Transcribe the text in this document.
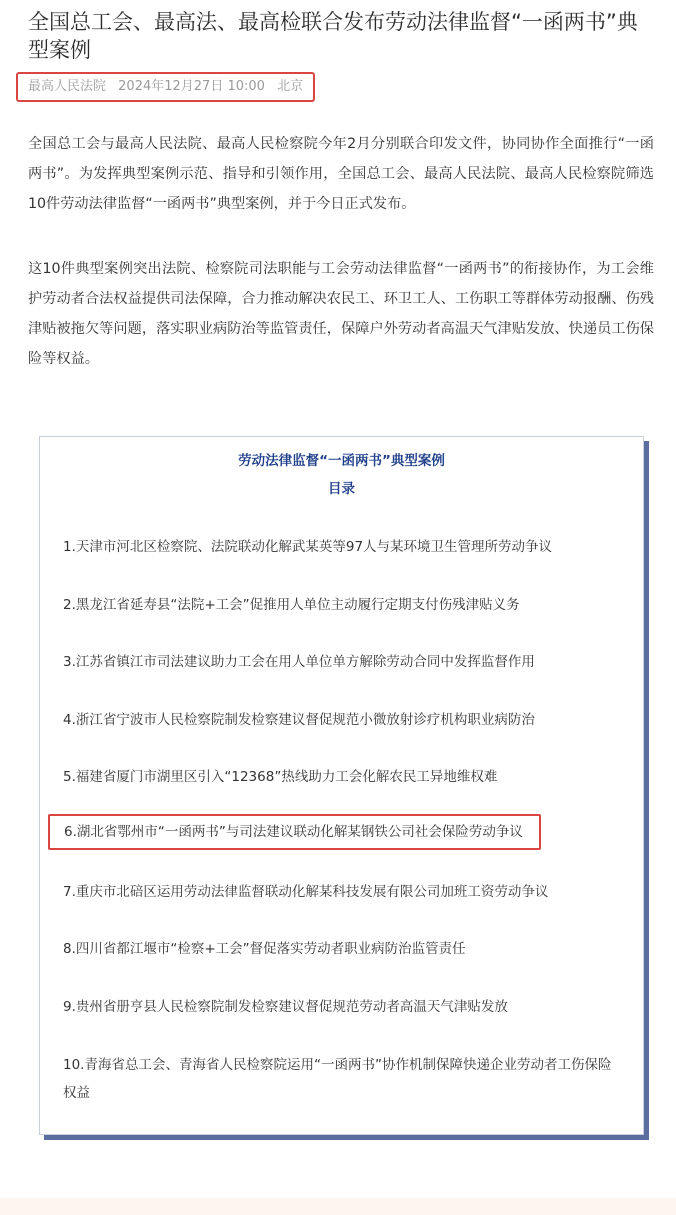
全国总工会、最高法、最高检联合发布劳动法律监督“一函两书”典型案例
最高人民法院 2024年12月27日 10:00 北京

全国总工会与最高人民法院、最高人民检察院今年2月分别联合印发文件，协同协作全面推行“一函两书”。为发挥典型案例示范、指导和引领作用，全国总工会、最高人民法院、最高人民检察院筛选10件劳动法律监督“一函两书”典型案例，并于今日正式发布。

这10件典型案例突出法院、检察院司法职能与工会劳动法律监督“一函两书”的衔接协作，为工会维护劳动者合法权益提供司法保障，合力推动解决农民工、环卫工人、工伤职工等群体劳动报酬、伤残津贴被拖欠等问题，落实职业病防治等监管责任，保障户外劳动者高温天气津贴发放、快递员工伤保险等权益。

劳动法律监督“一函两书”典型案例
目录

1.天津市河北区检察院、法院联动化解武某英等97人与某环境卫生管理所劳动争议

2.黑龙江省延寿县“法院+工会”促推用人单位主动履行定期支付伤残津贴义务

3.江苏省镇江市司法建议助力工会在用人单位单方解除劳动合同中发挥监督作用

4.浙江省宁波市人民检察院制发检察建议督促规范小微放射诊疗机构职业病防治

5.福建省厦门市湖里区引入“12368”热线助力工会化解农民工异地维权难

6.湖北省鄂州市“一函两书”与司法建议联动化解某钢铁公司社会保险劳动争议

7.重庆市北碚区运用劳动法律监督联动化解某科技发展有限公司加班工资劳动争议

8.四川省都江堰市“检察+工会”督促落实劳动者职业病防治监管责任

9.贵州省册亨县人民检察院制发检察建议督促规范劳动者高温天气津贴发放

10.青海省总工会、青海省人民检察院运用“一函两书”协作机制保障快递企业劳动者工伤保险权益
